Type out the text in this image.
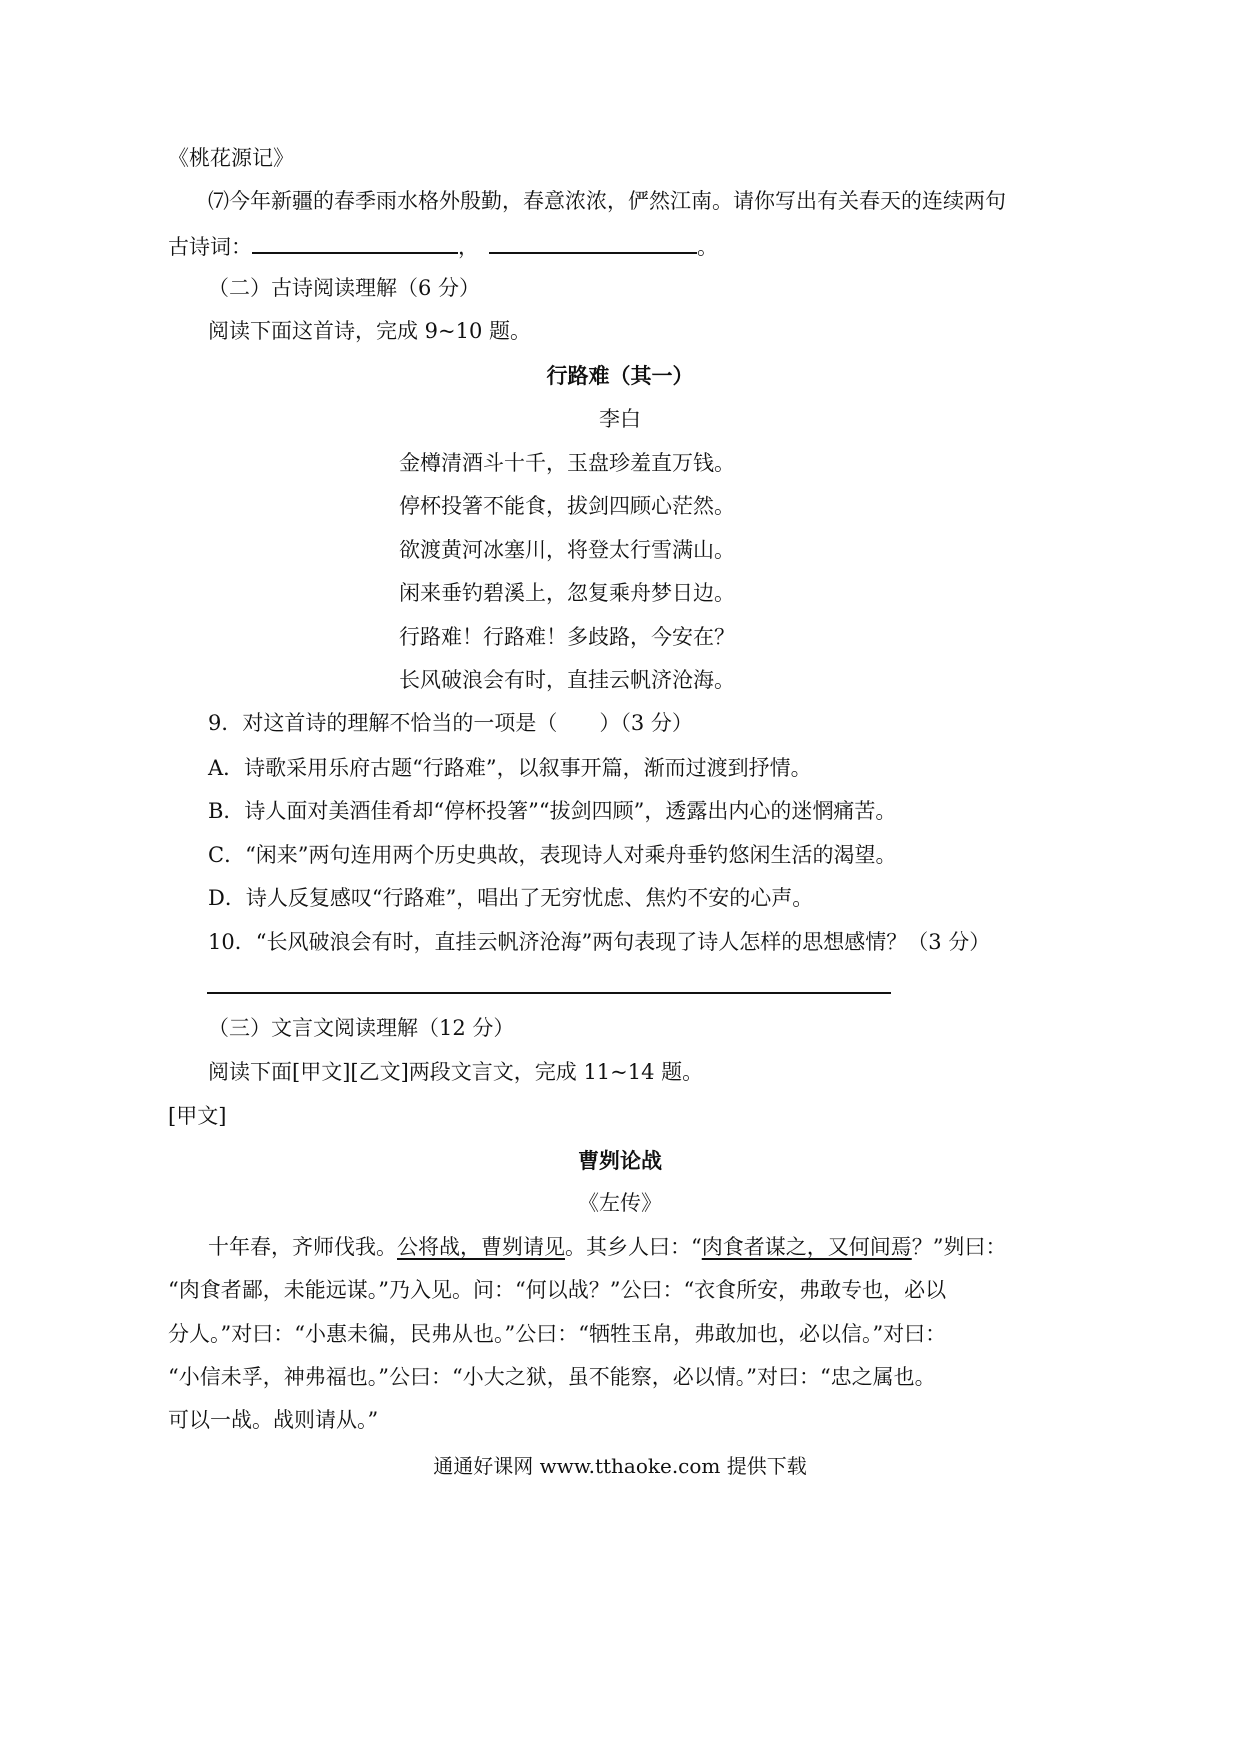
《桃花源记》
⑺今年新疆的春季雨水格外殷勤，春意浓浓，俨然江南。请你写出有关春天的连续两句
古诗词：	，	。
（二）古诗阅读理解（6 分）
阅读下面这首诗，完成 9~10 题。
行路难（其一）
李白
金樽清酒斗十千，玉盘珍羞直万钱。
停杯投箸不能食，拔剑四顾心茫然。
欲渡黄河冰塞川，将登太行雪满山。
闲来垂钓碧溪上，忽复乘舟梦日边。
行路难！行路难！多歧路，今安在？
长风破浪会有时，直挂云帆济沧海。
9．对这首诗的理解不恰当的一项是（　　）（3 分）
A．诗歌采用乐府古题“行路难”，以叙事开篇，渐而过渡到抒情。
B．诗人面对美酒佳肴却“停杯投箸”“拔剑四顾”，透露出内心的迷惘痛苦。
C．“闲来”两句连用两个历史典故，表现诗人对乘舟垂钓悠闲生活的渴望。
D．诗人反复感叹“行路难”，唱出了无穷忧虑、焦灼不安的心声。
10．“长风破浪会有时，直挂云帆济沧海”两句表现了诗人怎样的思想感情？（3 分）
（三）文言文阅读理解（12 分）
阅读下面[甲文][乙文]两段文言文，完成 11~14 题。
[甲文]
曹刿论战
《左传》
十年春，齐师伐我。公将战，曹刿请见。其乡人曰：“肉食者谋之，又何间焉？”刿曰：
“肉食者鄙，未能远谋。”乃入见。问：“何以战？”公曰：“衣食所安，弗敢专也，必以
分人。”对曰：“小惠未徧，民弗从也。”公曰：“牺牲玉帛，弗敢加也，必以信。”对曰：
“小信未孚，神弗福也。”公曰：“小大之狱，虽不能察，必以情。”对曰：“忠之属也。
可以一战。战则请从。”
通通好课网 www.tthaoke.com 提供下载
